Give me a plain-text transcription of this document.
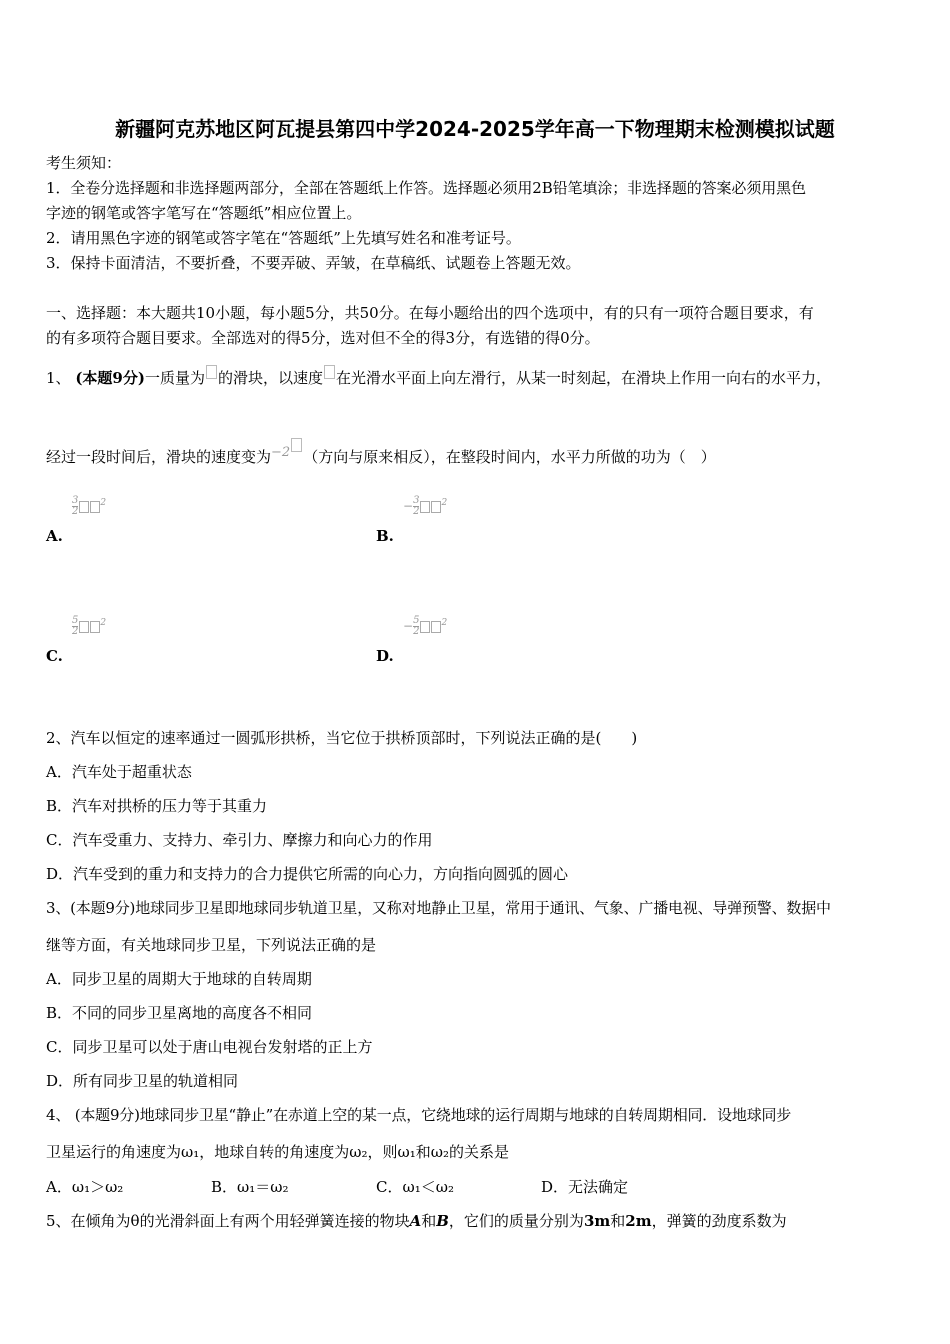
新疆阿克苏地区阿瓦提县第四中学2024-2025学年高一下物理期末检测模拟试题
考生须知：
1．全卷分选择题和非选择题两部分，全部在答题纸上作答。选择题必须用2B铅笔填涂；非选择题的答案必须用黑色
字迹的钢笔或答字笔写在“答题纸”相应位置上。
2．请用黑色字迹的钢笔或答字笔在“答题纸”上先填写姓名和准考证号。
3．保持卡面清洁，不要折叠，不要弄破、弄皱，在草稿纸、试题卷上答题无效。
一、选择题：本大题共10小题，每小题5分，共50分。在每小题给出的四个选项中，有的只有一项符合题目要求，有
的有多项符合题目要求。全部选对的得5分，选对但不全的得3分，有选错的得0分。
1、 (本题9分)一质量为 的滑块，以速度 在光滑水平面上向左滑行，从某一时刻起，在滑块上作用一向右的水平力，
经过一段时间后，滑块的速度变为−2 （方向与原来相反），在整段时间内，水平力所做的功为（　）
$\frac{3}{2} ^2$
A.
− $\frac{3}{2} ^2$
B.
$\frac{5}{2} ^2$
C.
− $\frac{5}{2} ^2$
D.
2、汽车以恒定的速率通过一圆弧形拱桥，当它位于拱桥顶部时，下列说法正确的是(　　)
A．汽车处于超重状态
B．汽车对拱桥的压力等于其重力
C．汽车受重力、支持力、牵引力、摩擦力和向心力的作用
D．汽车受到的重力和支持力的合力提供它所需的向心力，方向指向圆弧的圆心
3、(本题9分)地球同步卫星即地球同步轨道卫星，又称对地静止卫星，常用于通讯、气象、广播电视、导弹预警、数据中
继等方面，有关地球同步卫星，下列说法正确的是
A．同步卫星的周期大于地球的自转周期
B．不同的同步卫星离地的高度各不相同
C．同步卫星可以处于唐山电视台发射塔的正上方
D．所有同步卫星的轨道相同
4、 (本题9分)地球同步卫星“静止”在赤道上空的某一点，它绕地球的运行周期与地球的自转周期相同．设地球同步
卫星运行的角速度为ω₁，地球自转的角速度为ω₂，则ω₁和ω₂的关系是
A．ω₁＞ω₂	B．ω₁＝ω₂	C．ω₁＜ω₂	D．无法确定
5、在倾角为θ的光滑斜面上有两个用轻弹簧连接的物块A和B，它们的质量分别为3m和2m，弹簧的劲度系数为
